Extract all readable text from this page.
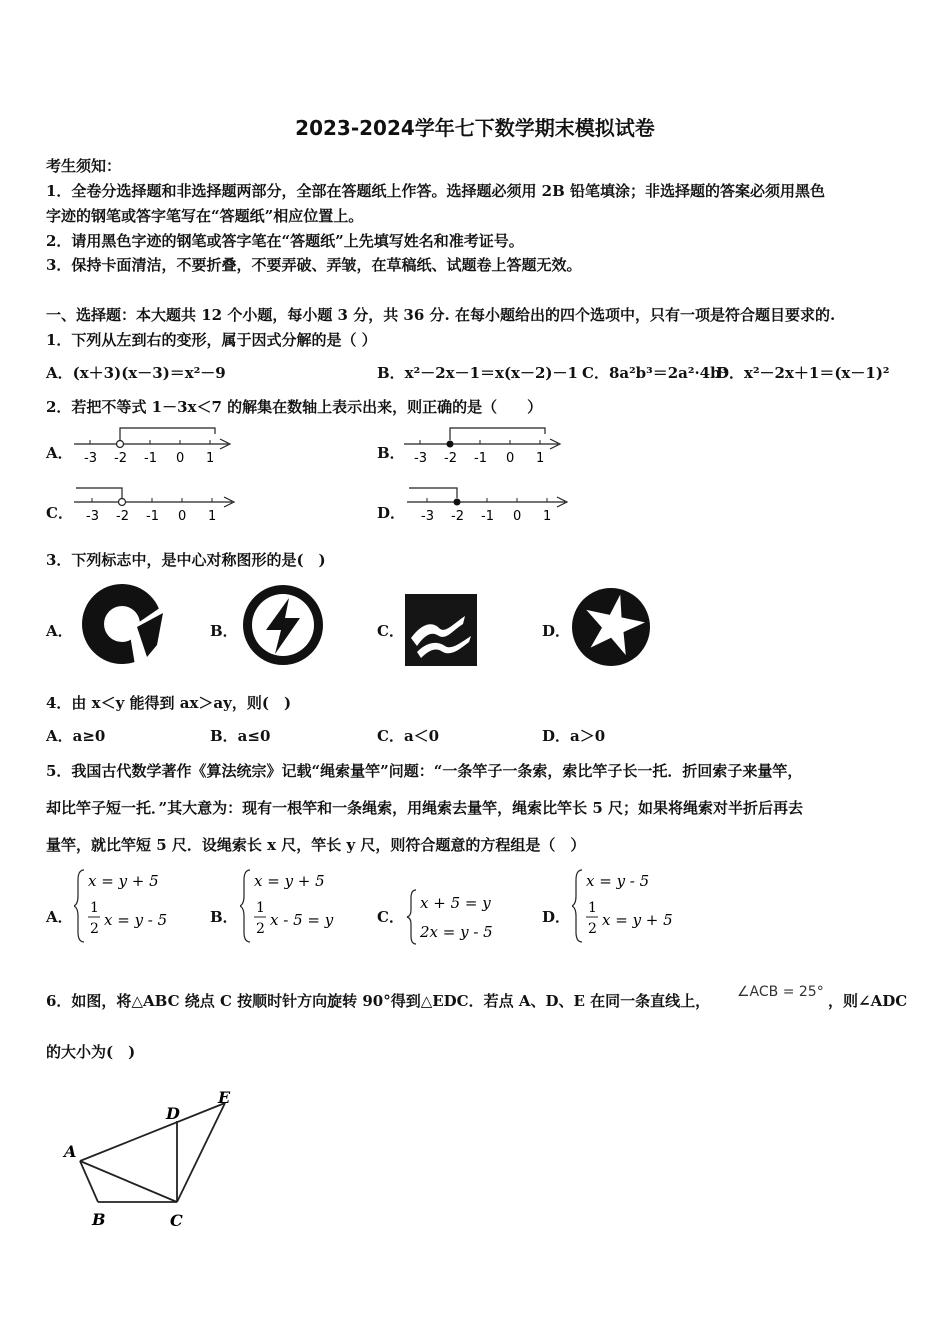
2023-2024学年七下数学期末模拟试卷
考生须知：
1．全卷分选择题和非选择题两部分，全部在答题纸上作答。选择题必须用 2B 铅笔填涂；非选择题的答案必须用黑色
字迹的钢笔或答字笔写在“答题纸”相应位置上。
2．请用黑色字迹的钢笔或答字笔在“答题纸”上先填写姓名和准考证号。
3．保持卡面清洁，不要折叠，不要弄破、弄皱，在草稿纸、试题卷上答题无效。
一、选择题：本大题共 12 个小题，每小题 3 分，共 36 分. 在每小题给出的四个选项中，只有一项是符合题目要求的.
1．下列从左到右的变形，属于因式分解的是（ ）
A．(x＋3)(x－3)＝x²－9	B．x²－2x－1＝x(x－2)－1 C．8a²b³＝2a²·4b³
D．x²－2x＋1＝(x－1)²
2．若把不等式 1－3x＜7 的解集在数轴上表示出来，则正确的是（　　）
A． -3 -2 -1 0 1	B． -3 -2 -1 0 1
C． -3 -2 -1 0 1	D． -3 -2 -1 0 1
3．下列标志中，是中心对称图形的是(　)
A．	B．	C．	D．
4．由 x＜y 能得到 ax＞ay，则(　)
A．a≥0	B．a≤0	C．a＜0	D．a＞0
5．我国古代数学著作《算法统宗》记载“绳索量竿”问题：“一条竿子一条索，索比竿子长一托．折回索子来量竿，
却比竿子短一托．”其大意为：现有一根竿和一条绳索，用绳索去量竿，绳索比竿长 5 尺；如果将绳索对半折后再去
量竿，就比竿短 5 尺．设绳索长 x 尺，竿长 y 尺，则符合题意的方程组是（　）
A．
x = y + 5
1
2 x = y - 5	B．
x = y + 5
1
2 x - 5 = y	C．
x + 5 = y
2x = y - 5
D．
x = y - 5
1
2 x = y + 5
6．如图，将△ABC 绕点 C 按顺时针方向旋转 90°得到△EDC．若点 A、D、E 在同一条直线上， ∠ACB = 25° ，则∠ADC
的大小为(　)
A
B	C
D
E
